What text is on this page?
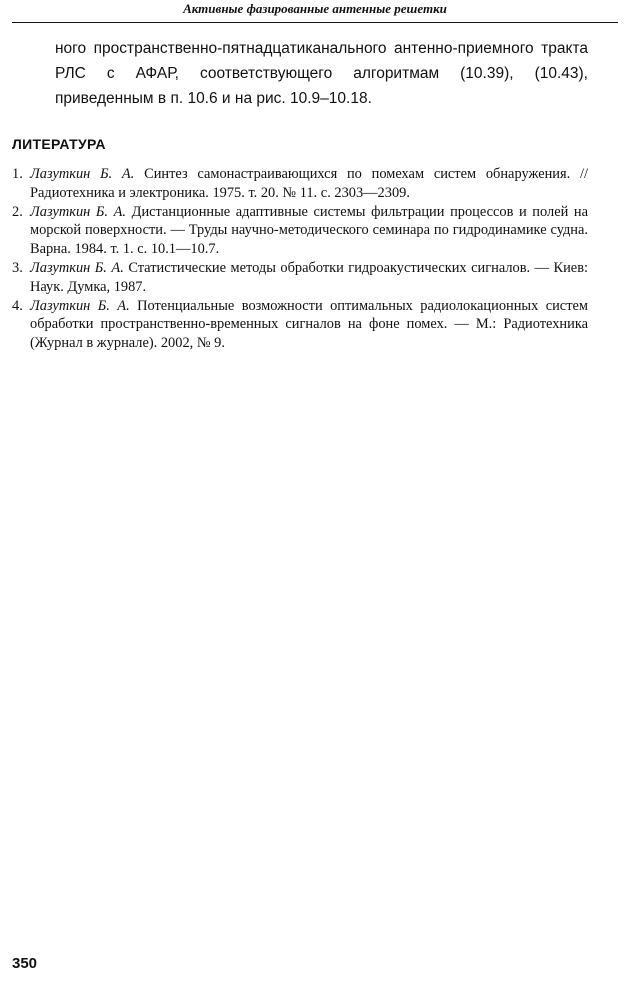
Активные фазированные антенные решетки

ного пространственно-пятнадцатиканального антенно-приемного тракта РЛС с АФАР, соответствующего алгоритмам (10.39), (10.43), приведенным в п. 10.6 и на рис. 10.9–10.18.

ЛИТЕРАТУРА
1. Лазуткин Б. А. Синтез самонастраивающихся по помехам систем обнаружения. //Радиотехника и электроника. 1975. т. 20. № 11. с. 2303—2309.
2. Лазуткин Б. А. Дистанционные адаптивные системы фильтрации процессов и полей на морской поверхности. — Труды научно-методического семинара по гидродинамике судна. Варна. 1984. т. 1. с. 10.1—10.7.
3. Лазуткин Б. А. Статистические методы обработки гидроакустических сигналов. — Киев: Наук. Думка, 1987.
4. Лазуткин Б. А. Потенциальные возможности оптимальных радиолокационных систем обработки пространственно-временных сигналов на фоне помех. — М.: Радиотехника (Журнал в журнале). 2002, № 9.
350
